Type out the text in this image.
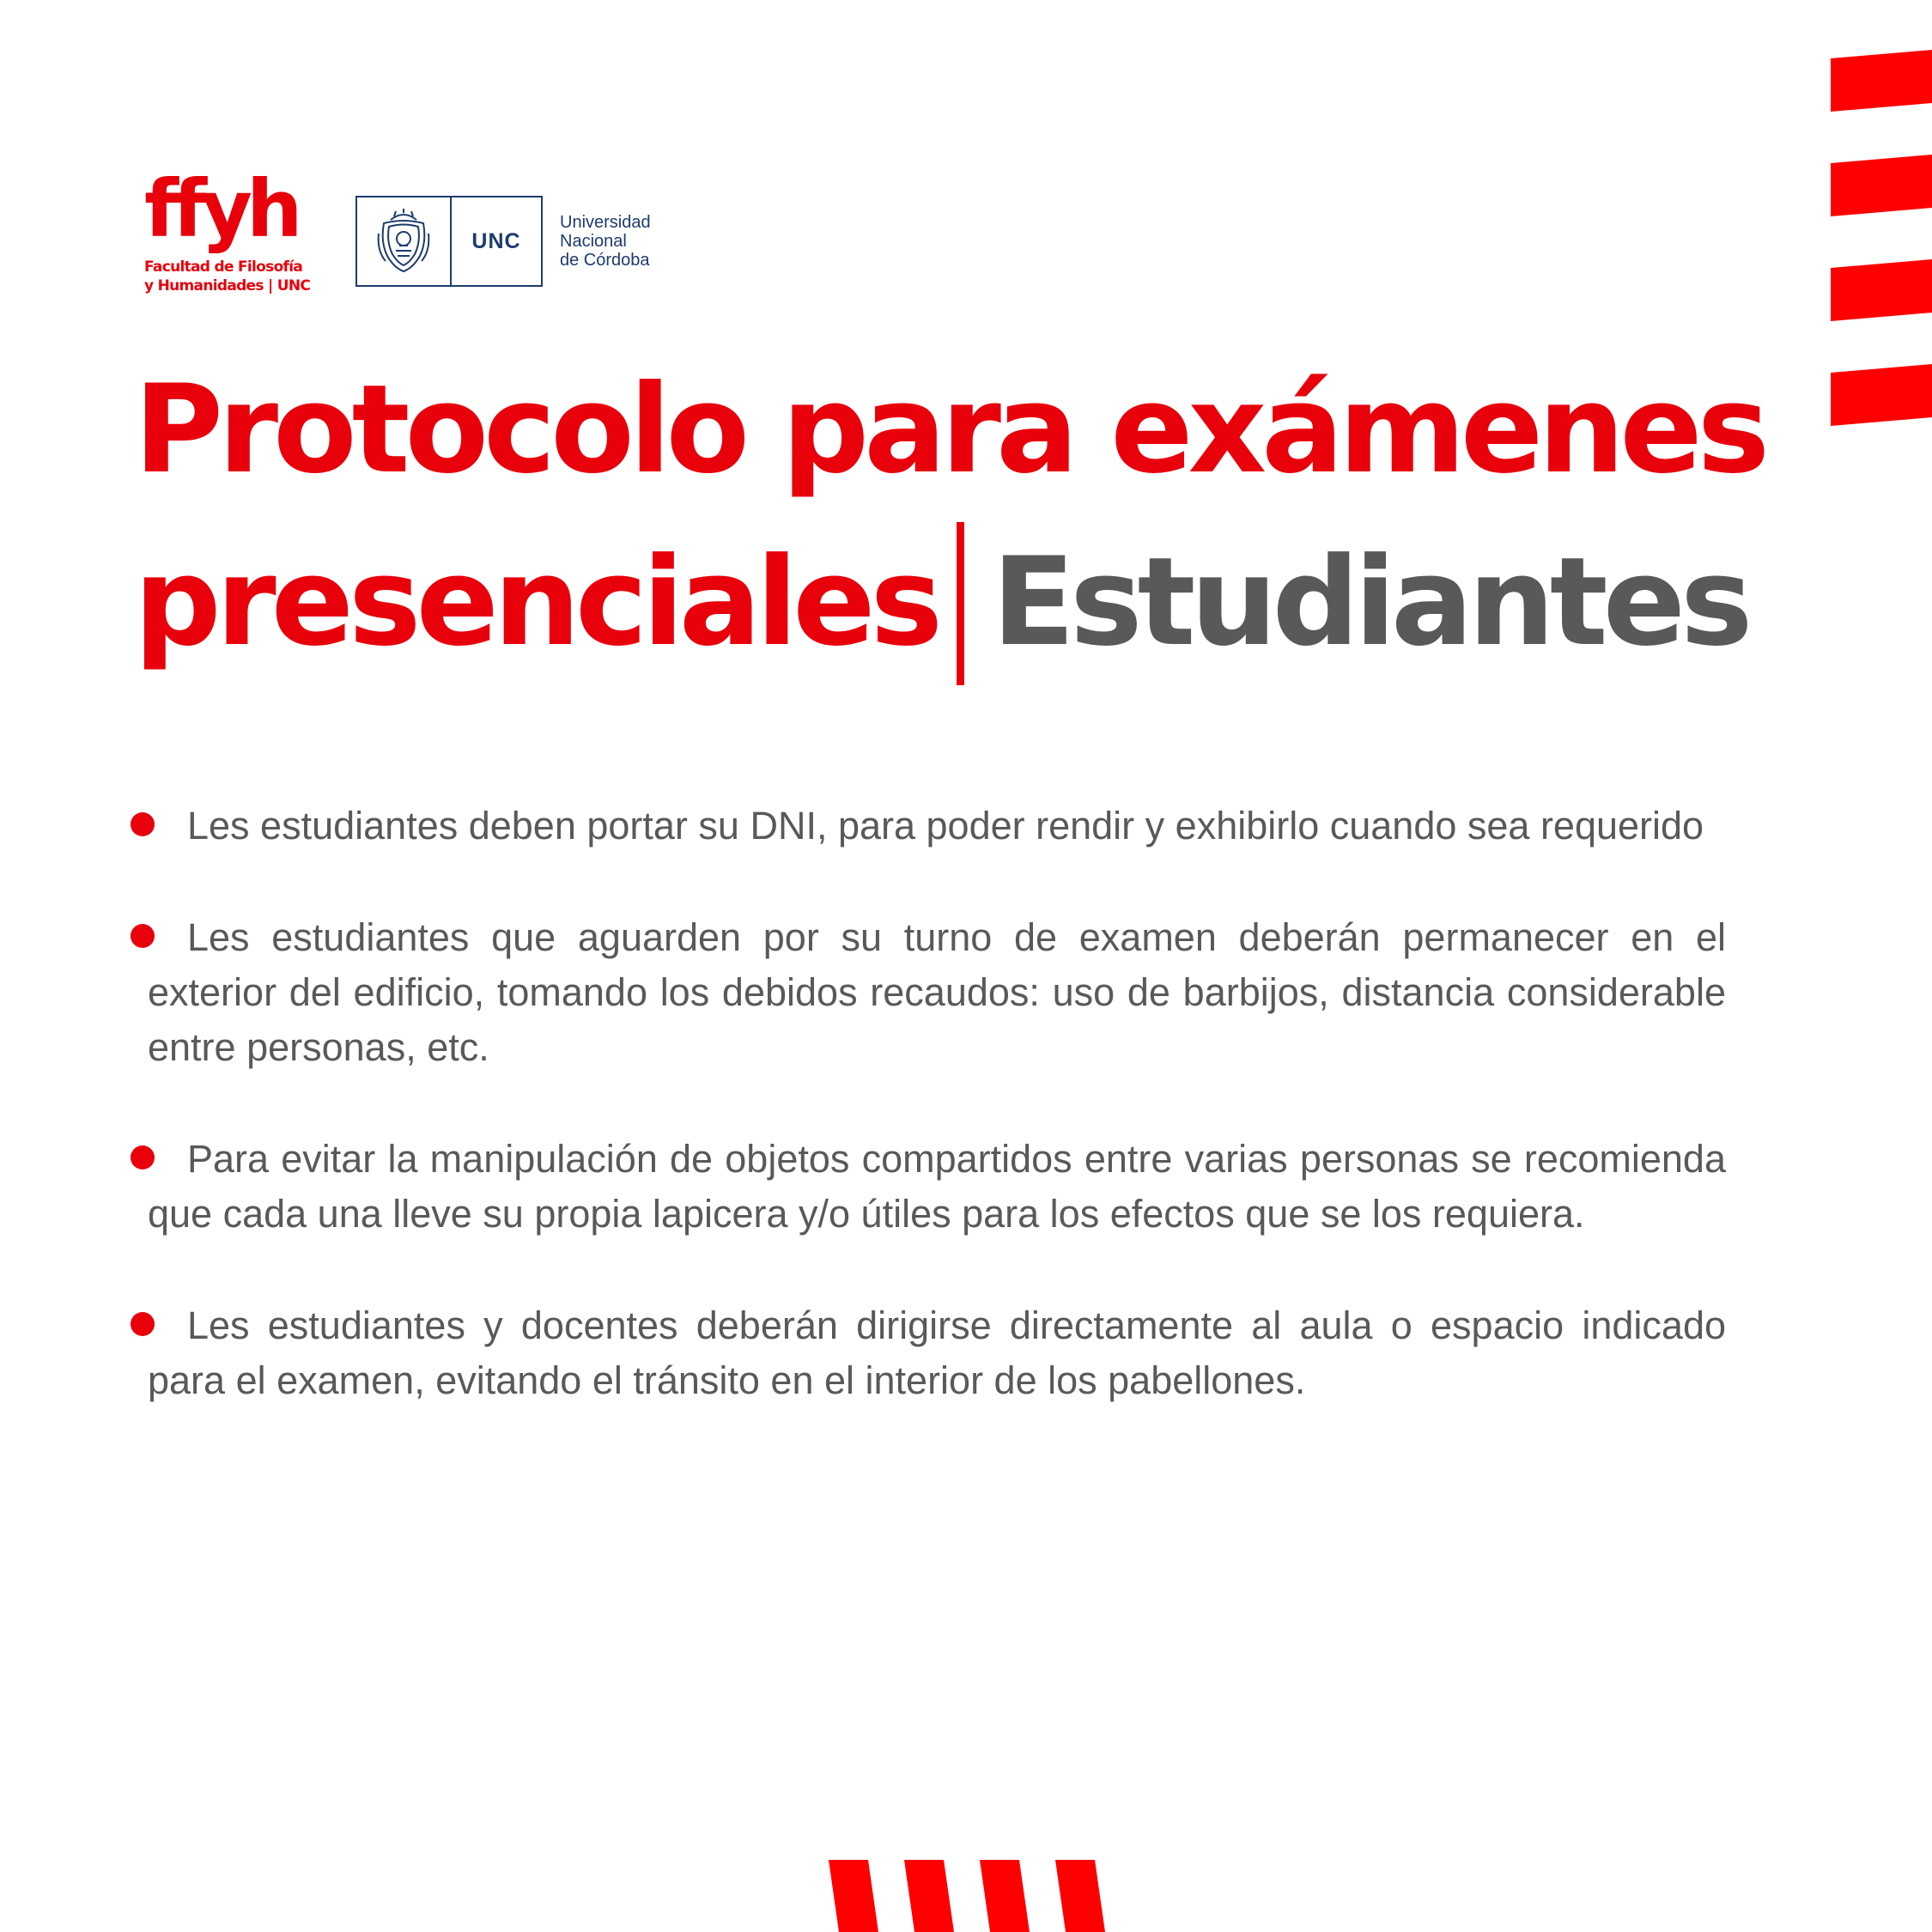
ffyh
Facultad de Filosofía
y Humanidades | UNC
UNC
Universidad
Nacional
de Córdoba
Protocolo para exámenes
presenciales Estudiantes
Les estudiantes deben portar su DNI, para poder rendir y exhibirlo cuando sea requerido
Les estudiantes que aguarden por su turno de examen deberán permanecer en el exterior del edificio, tomando los debidos recaudos: uso de barbijos, distancia considerable entre personas, etc.
Para evitar la manipulación de objetos compartidos entre varias personas se recomienda que cada una lleve su propia lapicera y/o útiles para los efectos que se los requiera.
Les estudiantes y docentes deberán dirigirse directamente al aula o espacio indicado para el examen, evitando el tránsito en el interior de los pabellones.
